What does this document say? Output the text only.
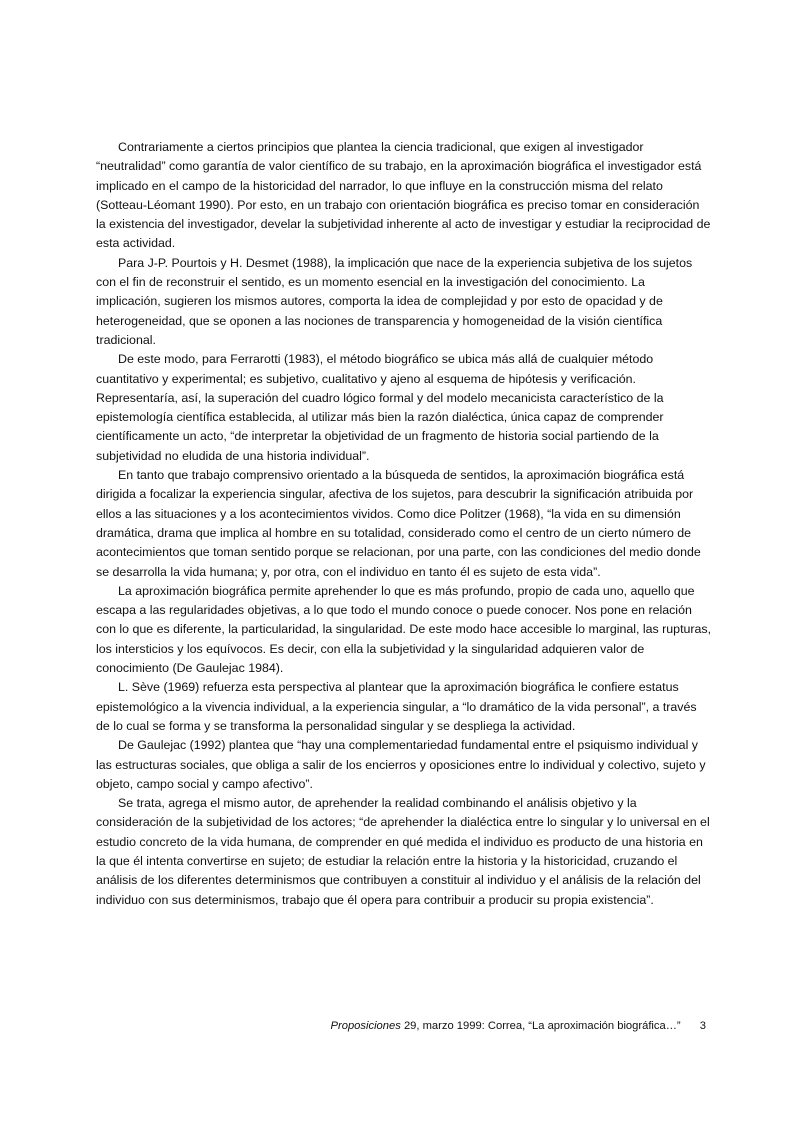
Contrariamente a ciertos principios que plantea la ciencia tradicional, que exigen al investigador “neutralidad” como garantía de valor científico de su trabajo, en la aproximación biográfica el investigador está implicado en el campo de la historicidad del narrador, lo que influye en la construcción misma del relato (Sotteau-Léomant 1990). Por esto, en un trabajo con orientación biográfica es preciso tomar en consideración la existencia del investigador, develar la subjetividad inherente al acto de investigar y estudiar la reciprocidad de esta actividad.

Para J-P. Pourtois y H. Desmet (1988), la implicación que nace de la experiencia subjetiva de los sujetos con el fin de reconstruir el sentido, es un momento esencial en la investigación del conocimiento. La implicación, sugieren los mismos autores, comporta la idea de complejidad y por esto de opacidad y de heterogeneidad, que se oponen a las nociones de transparencia y homogeneidad de la visión científica tradicional.

De este modo, para Ferrarotti (1983), el método biográfico se ubica más allá de cualquier método cuantitativo y experimental; es subjetivo, cualitativo y ajeno al esquema de hipótesis y verificación. Representaría, así, la superación del cuadro lógico formal y del modelo mecanicista característico de la epistemología científica establecida, al utilizar más bien la razón dialéctica, única capaz de comprender científicamente un acto, “de interpretar la objetividad de un fragmento de historia social partiendo de la subjetividad no eludida de una historia individual”.

En tanto que trabajo comprensivo orientado a la búsqueda de sentidos, la aproximación biográfica está dirigida a focalizar la experiencia singular, afectiva de los sujetos, para descubrir la significación atribuida por ellos a las situaciones y a los acontecimientos vividos. Como dice Politzer (1968), “la vida en su dimensión dramática, drama que implica al hombre en su totalidad, considerado como el centro de un cierto número de acontecimientos que toman sentido porque se relacionan, por una parte, con las condiciones del medio donde se desarrolla la vida humana; y, por otra, con el individuo en tanto él es sujeto de esta vida”.

La aproximación biográfica permite aprehender lo que es más profundo, propio de cada uno, aquello que escapa a las regularidades objetivas, a lo que todo el mundo conoce o puede conocer. Nos pone en relación con lo que es diferente, la particularidad, la singularidad. De este modo hace accesible lo marginal, las rupturas, los intersticios y los equívocos. Es decir, con ella la subjetividad y la singularidad adquieren valor de conocimiento (De Gaulejac 1984).

L. Sève (1969) refuerza esta perspectiva al plantear que la aproximación biográfica le confiere estatus epistemológico a la vivencia individual, a la experiencia singular, a “lo dramático de la vida personal”, a través de lo cual se forma y se transforma la personalidad singular y se despliega la actividad.

De Gaulejac (1992) plantea que “hay una complementariedad fundamental entre el psiquismo individual y las estructuras sociales, que obliga a salir de los encierros y oposiciones entre lo individual y colectivo, sujeto y objeto, campo social y campo afectivo”.

Se trata, agrega el mismo autor, de aprehender la realidad combinando el análisis objetivo y la consideración de la subjetividad de los actores; “de aprehender la dialéctica entre lo singular y lo universal en el estudio concreto de la vida humana, de comprender en qué medida el individuo es producto de una historia en la que él intenta convertirse en sujeto; de estudiar la relación entre la historia y la historicidad, cruzando el análisis de los diferentes determinismos que contribuyen a constituir al individuo y el análisis de la relación del individuo con sus determinismos, trabajo que él opera para contribuir a producir su propia existencia”.

Proposiciones 29, marzo 1999: Correa, “La aproximación biográfica…” 3
